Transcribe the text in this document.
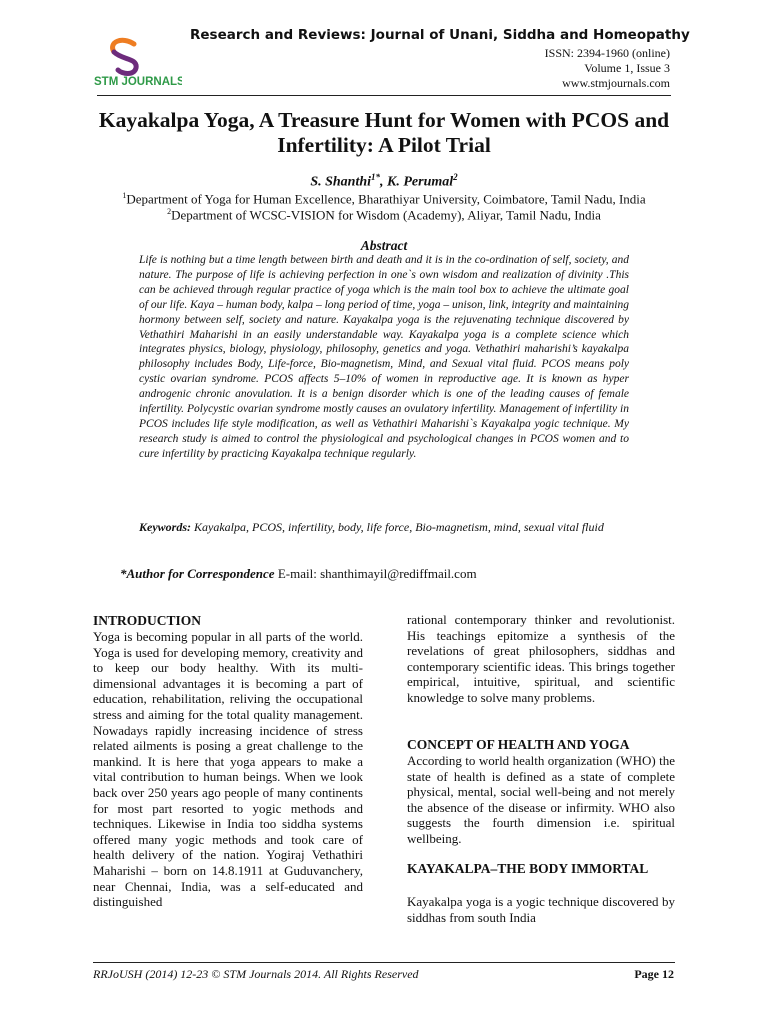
STM JOURNALS
Research and Reviews: Journal of Unani, Siddha and Homeopathy
ISSN: 2394-1960 (online)
Volume 1, Issue 3
www.stmjournals.com
Kayakalpa Yoga, A Treasure Hunt for Women with PCOS and Infertility: A Pilot Trial
S. Shanthi$^{1*}$, K. Perumal$^2$
$^1$Department of Yoga for Human Excellence, Bharathiyar University, Coimbatore, Tamil Nadu, India
$^2$Department of WCSC-VISION for Wisdom (Academy), Aliyar, Tamil Nadu, India
Abstract

Life is nothing but a time length between birth and death and it is in the co-ordination of self, society, and nature. The purpose of life is achieving perfection in one`s own wisdom and realization of divinity .This can be achieved through regular practice of yoga which is the main tool box to achieve the ultimate goal of our life. Kaya – human body, kalpa – long period of time, yoga – unison, link, integrity and maintaining hormony between self, society and nature. Kayakalpa yoga is the rejuvenating technique discovered by Vethathiri Maharishi in an easily understandable way. Kayakalpa yoga is a complete science which integrates physics, biology, physiology, philosophy, genetics and yoga. Vethathiri maharishi’s kayakalpa philosophy includes Body, Life-force, Bio-magnetism, Mind, and Sexual vital fluid. PCOS means poly cystic ovarian syndrome. PCOS affects 5–10% of women in reproductive age. It is known as hyper androgenic chronic anovulation. It is a benign disorder which is one of the leading causes of female infertility. Polycystic ovarian syndrome mostly causes an ovulatory infertility. Management of infertility in PCOS includes life style modification, as well as Vethathiri Maharishi`s Kayakalpa yogic technique. My research study is aimed to control the physiological and psychological changes in PCOS women and to cure infertility by practicing Kayakalpa technique regularly.

Keywords: Kayakalpa, PCOS, infertility, body, life force, Bio-magnetism, mind, sexual vital fluid

*Author for Correspondence E-mail: shanthimayil@rediffmail.com
INTRODUCTION

Yoga is becoming popular in all parts of the world. Yoga is used for developing memory, creativity and to keep our body healthy. With its multi-dimensional advantages it is becoming a part of education, rehabilitation, reliving the occupational stress and aiming for the total quality management. Nowadays rapidly increasing incidence of stress related ailments is posing a great challenge to the mankind. It is here that yoga appears to make a vital contribution to human beings. When we look back over 250 years ago people of many continents for most part resorted to yogic methods and techniques. Likewise in India too siddha systems offered many yogic methods and took care of health delivery of the nation. Yogiraj Vethathiri Maharishi – born on 14.8.1911 at Guduvanchery, near Chennai, India, was a self-educated and distinguished

rational contemporary thinker and revolutionist. His teachings epitomize a synthesis of the revelations of great philosophers, siddhas and contemporary scientific ideas. This brings together empirical, intuitive, spiritual, and scientific knowledge to solve many problems.

CONCEPT OF HEALTH AND YOGA

According to world health organization (WHO) the state of health is defined as a state of complete physical, mental, social well-being and not merely the absence of the disease or infirmity. WHO also suggests the fourth dimension i.e. spiritual wellbeing.

KAYAKALPA–THE BODY IMMORTAL

Kayakalpa yoga is a yogic technique discovered by siddhas from south India

RRJoUSH (2014) 12-23 © STM Journals 2014. All Rights Reserved	Page 12
